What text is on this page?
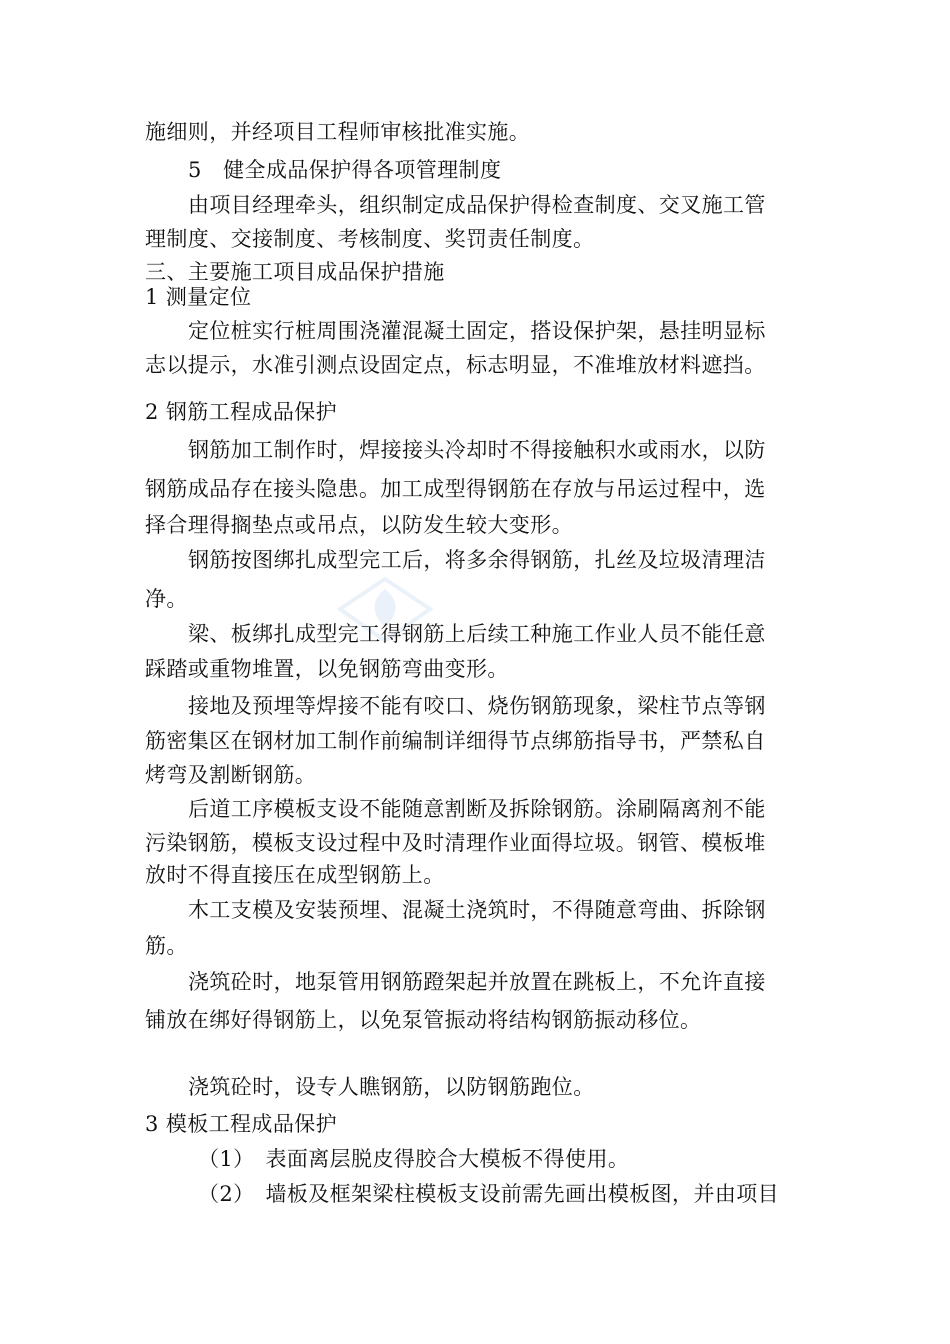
施细则，并经项目工程师审核批准实施。
5　健全成品保护得各项管理制度
由项目经理牵头，组织制定成品保护得检查制度、交叉施工管
理制度、交接制度、考核制度、奖罚责任制度。
三、主要施工项目成品保护措施
1 测量定位
定位桩实行桩周围浇灌混凝土固定，搭设保护架，悬挂明显标
志以提示，水准引测点设固定点，标志明显，不准堆放材料遮挡。
2 钢筋工程成品保护
钢筋加工制作时，焊接接头冷却时不得接触积水或雨水，以防
钢筋成品存在接头隐患。加工成型得钢筋在存放与吊运过程中，选
择合理得搁垫点或吊点，以防发生较大变形。
钢筋按图绑扎成型完工后，将多余得钢筋，扎丝及垃圾清理洁
净。
梁、板绑扎成型完工得钢筋上后续工种施工作业人员不能任意
踩踏或重物堆置，以免钢筋弯曲变形。
接地及预埋等焊接不能有咬口、烧伤钢筋现象，梁柱节点等钢
筋密集区在钢材加工制作前编制详细得节点绑筋指导书，严禁私自
烤弯及割断钢筋。
后道工序模板支设不能随意割断及拆除钢筋。涂刷隔离剂不能
污染钢筋，模板支设过程中及时清理作业面得垃圾。钢管、模板堆
放时不得直接压在成型钢筋上。
木工支模及安装预埋、混凝土浇筑时，不得随意弯曲、拆除钢
筋。
浇筑砼时，地泵管用钢筋蹬架起并放置在跳板上，不允许直接
铺放在绑好得钢筋上，以免泵管振动将结构钢筋振动移位。
浇筑砼时，设专人瞧钢筋，以防钢筋跑位。
3 模板工程成品保护
（1）　表面离层脱皮得胶合大模板不得使用。
（2）　墙板及框架梁柱模板支设前需先画出模板图，并由项目
